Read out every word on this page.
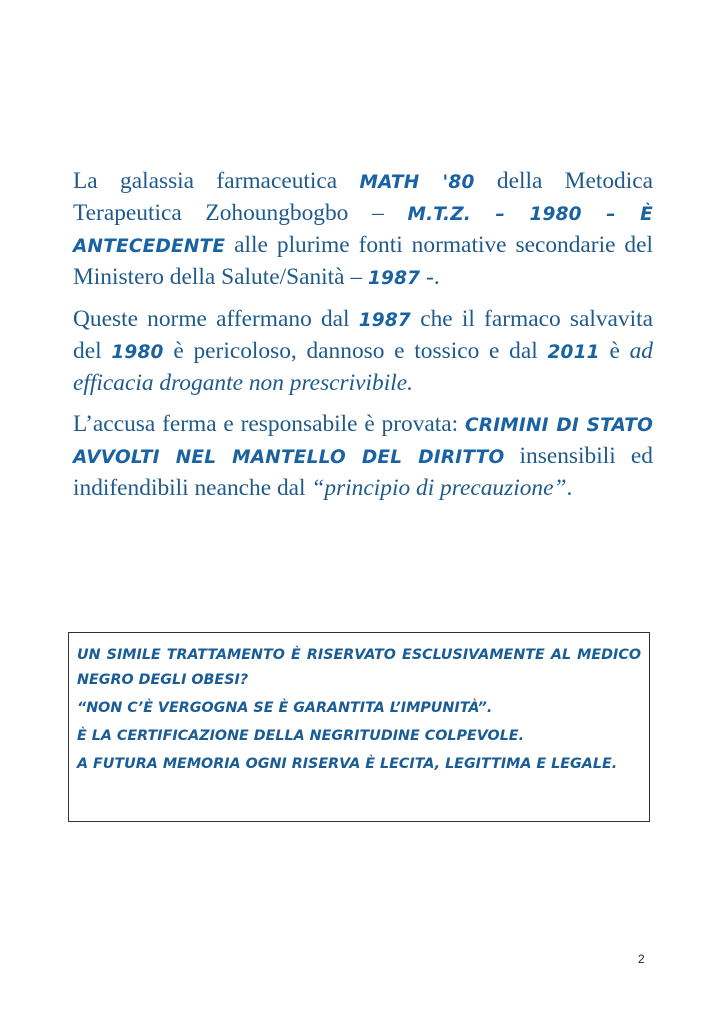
La galassia farmaceutica MATH '80 della Metodica Terapeutica Zohoungbogbo – M.T.Z. – 1980 – È ANTECEDENTE alle plurime fonti normative secondarie del Ministero della Salute/Sanità – 1987 -.

Queste norme affermano dal 1987 che il farmaco salvavita del 1980 è pericoloso, dannoso e tossico e dal 2011 è ad efficacia drogante non prescrivibile.

L’accusa ferma e responsabile è provata: CRIMINI DI STATO AVVOLTI NEL MANTELLO DEL DIRITTO insensibili ed indifendibili neanche dal “principio di precauzione”.

UN SIMILE TRATTAMENTO È RISERVATO ESCLUSIVAMENTE AL MEDICO NEGRO DEGLI OBESI?

“NON C’È VERGOGNA SE È GARANTITA L’IMPUNITÀ”.

È LA CERTIFICAZIONE DELLA NEGRITUDINE COLPEVOLE.

A FUTURA MEMORIA OGNI RISERVA È LECITA, LEGITTIMA E LEGALE.

2
